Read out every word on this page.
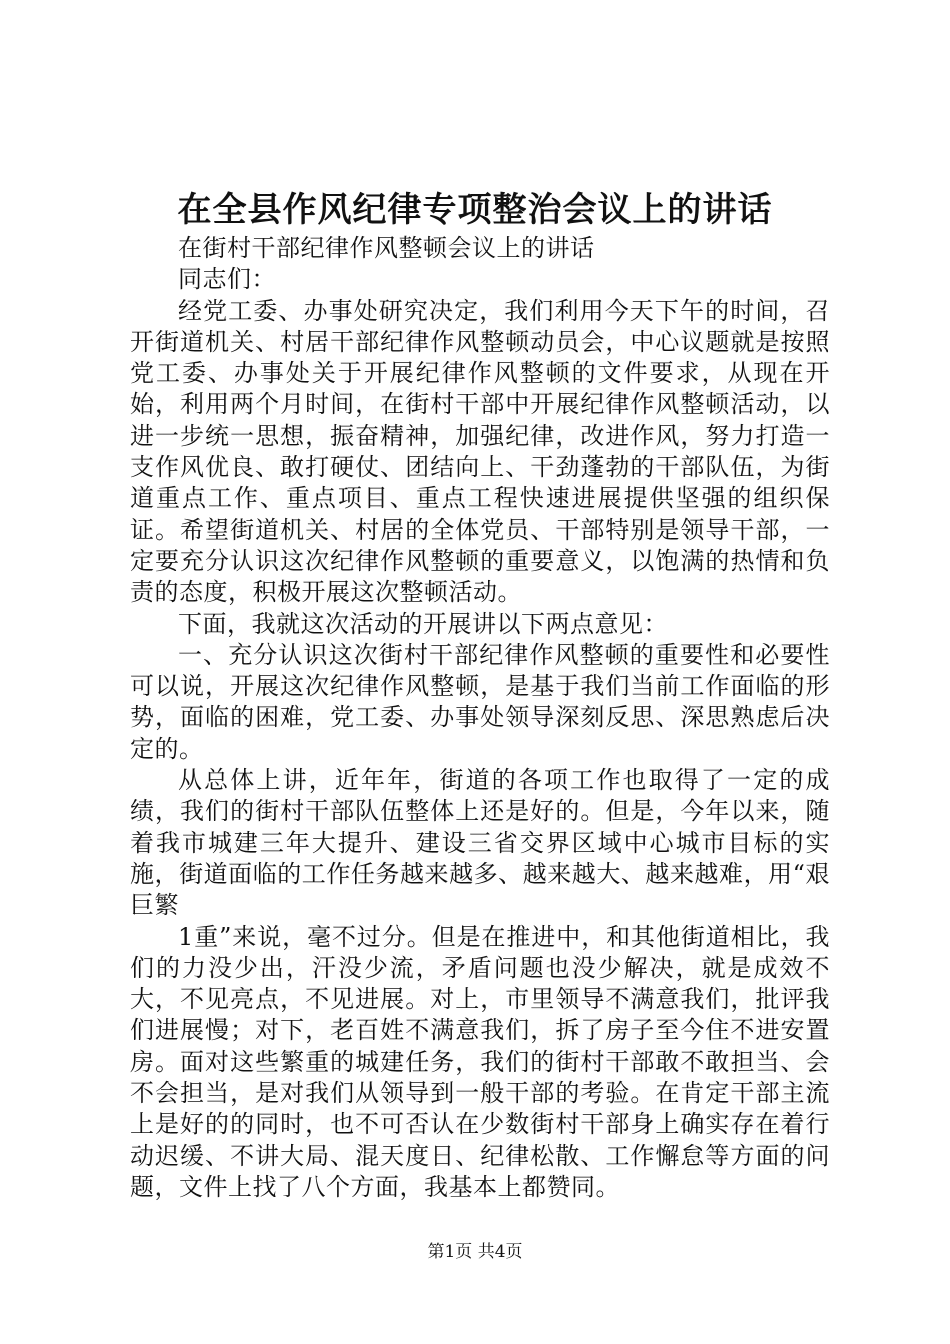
在全县作风纪律专项整治会议上的讲话

在街村干部纪律作风整顿会议上的讲话

同志们：

经党工委、办事处研究决定，我们利用今天下午的时间，召开街道机关、村居干部纪律作风整顿动员会，中心议题就是按照党工委、办事处关于开展纪律作风整顿的文件要求，从现在开始，利用两个月时间，在街村干部中开展纪律作风整顿活动，以进一步统一思想，振奋精神，加强纪律，改进作风，努力打造一支作风优良、敢打硬仗、团结向上、干劲蓬勃的干部队伍，为街道重点工作、重点项目、重点工程快速进展提供坚强的组织保证。希望街道机关、村居的全体党员、干部特别是领导干部，一定要充分认识这次纪律作风整顿的重要意义，以饱满的热情和负责的态度，积极开展这次整顿活动。

下面，我就这次活动的开展讲以下两点意见：

一、充分认识这次街村干部纪律作风整顿的重要性和必要性可以说，开展这次纪律作风整顿，是基于我们当前工作面临的形势，面临的困难，党工委、办事处领导深刻反思、深思熟虑后决定的。

从总体上讲，近年年，街道的各项工作也取得了一定的成绩，我们的街村干部队伍整体上还是好的。但是，今年以来，随着我市城建三年大提升、建设三省交界区域中心城市目标的实施，街道面临的工作任务越来越多、越来越大、越来越难，用“艰巨繁

1重”来说，毫不过分。但是在推进中，和其他街道相比，我们的力没少出，汗没少流，矛盾问题也没少解决，就是成效不大，不见亮点，不见进展。对上，市里领导不满意我们，批评我们进展慢；对下，老百姓不满意我们，拆了房子至今住不进安置房。面对这些繁重的城建任务，我们的街村干部敢不敢担当、会不会担当，是对我们从领导到一般干部的考验。在肯定干部主流上是好的的同时，也不可否认在少数街村干部身上确实存在着行动迟缓、不讲大局、混天度日、纪律松散、工作懈怠等方面的问题，文件上找了八个方面，我基本上都赞同。

第1页 共4页
